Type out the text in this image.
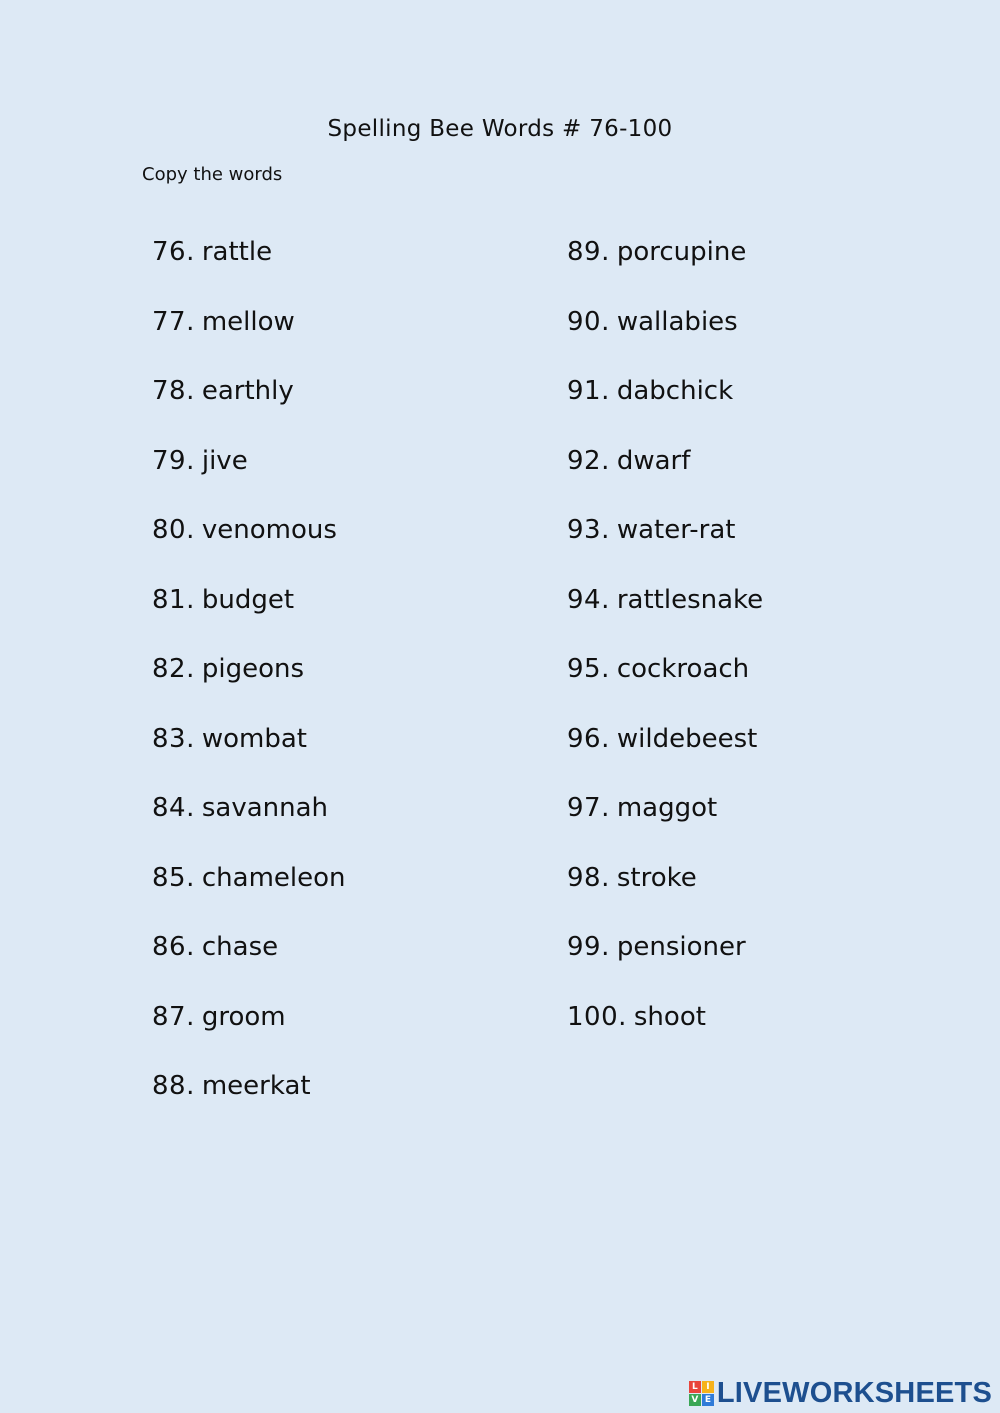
Spelling Bee Words # 76-100
Copy the words
76. rattle
77. mellow
78. earthly
79. jive
80. venomous
81. budget
82. pigeons
83. wombat
84. savannah
85. chameleon
86. chase
87. groom
88. meerkat
89. porcupine
90. wallabies
91. dabchick
92. dwarf
93. water-rat
94. rattlesnake
95. cockroach
96. wildebeest
97. maggot
98. stroke
99. pensioner
100. shoot
L I
V E LIVEWORKSHEETS
